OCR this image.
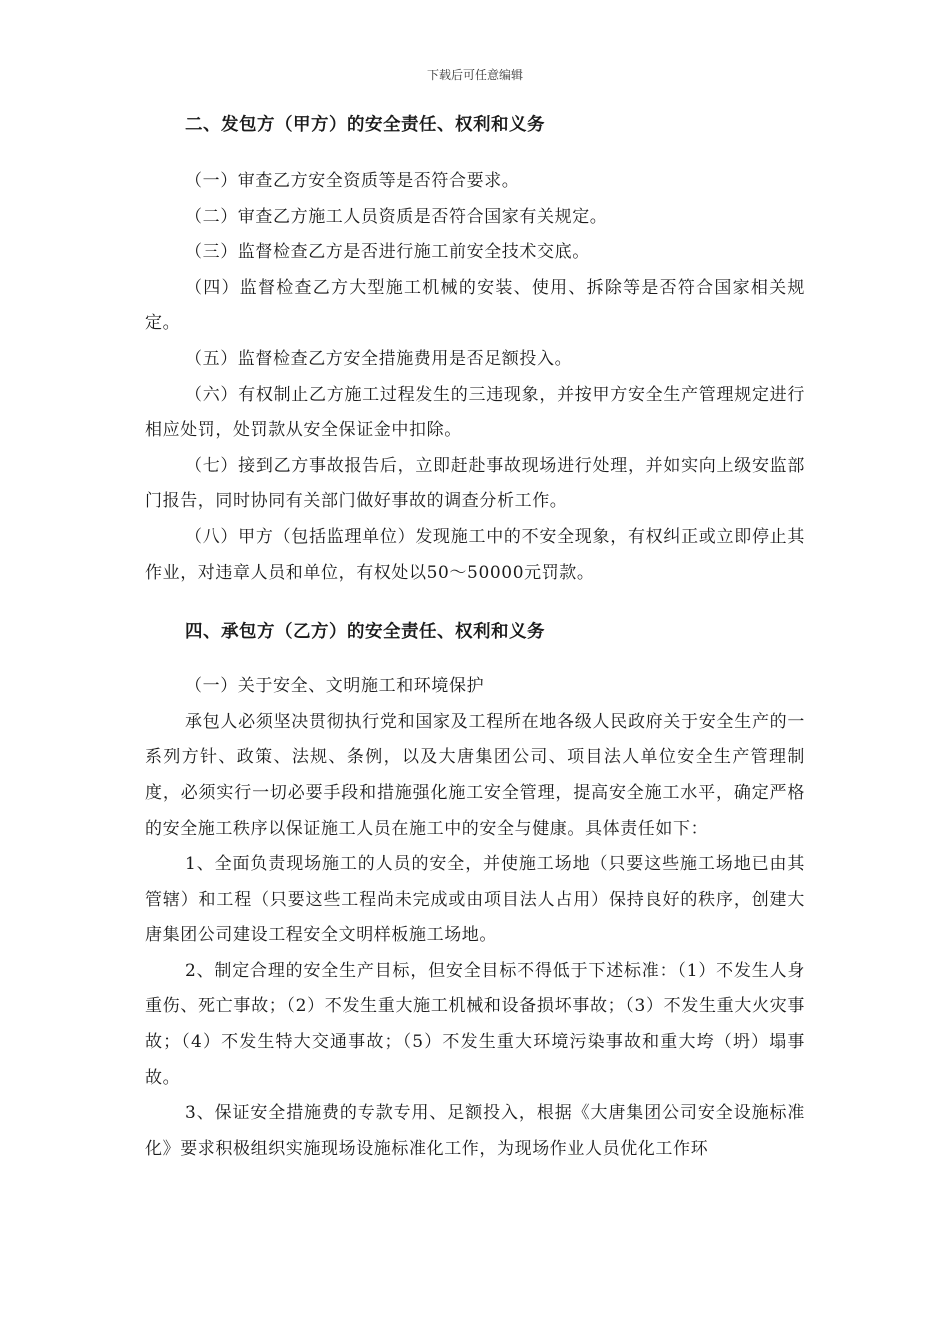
下载后可任意编辑
二、发包方（甲方）的安全责任、权利和义务

（一）审查乙方安全资质等是否符合要求。

（二）审查乙方施工人员资质是否符合国家有关规定。

（三）监督检查乙方是否进行施工前安全技术交底。

（四）监督检查乙方大型施工机械的安装、使用、拆除等是否符合国家相关规定。

（五）监督检查乙方安全措施费用是否足额投入。

（六）有权制止乙方施工过程发生的三违现象，并按甲方安全生产管理规定进行相应处罚，处罚款从安全保证金中扣除。

（七）接到乙方事故报告后，立即赶赴事故现场进行处理，并如实向上级安监部门报告，同时协同有关部门做好事故的调查分析工作。

（八）甲方（包括监理单位）发现施工中的不安全现象，有权纠正或立即停止其作业，对违章人员和单位，有权处以50～50000元罚款。

四、承包方（乙方）的安全责任、权利和义务

（一）关于安全、文明施工和环境保护

承包人必须坚决贯彻执行党和国家及工程所在地各级人民政府关于安全生产的一系列方针、政策、法规、条例，以及大唐集团公司、项目法人单位安全生产管理制度，必须实行一切必要手段和措施强化施工安全管理，提高安全施工水平，确定严格的安全施工秩序以保证施工人员在施工中的安全与健康。具体责任如下：

1、全面负责现场施工的人员的安全，并使施工场地（只要这些施工场地已由其管辖）和工程（只要这些工程尚未完成或由项目法人占用）保持良好的秩序，创建大唐集团公司建设工程安全文明样板施工场地。

2、制定合理的安全生产目标，但安全目标不得低于下述标准：（1）不发生人身重伤、死亡事故；（2）不发生重大施工机械和设备损坏事故；（3）不发生重大火灾事故；（4）不发生特大交通事故；（5）不发生重大环境污染事故和重大垮（坍）塌事故。

3、保证安全措施费的专款专用、足额投入，根据《大唐集团公司安全设施标准化》要求积极组织实施现场设施标准化工作，为现场作业人员优化工作环
